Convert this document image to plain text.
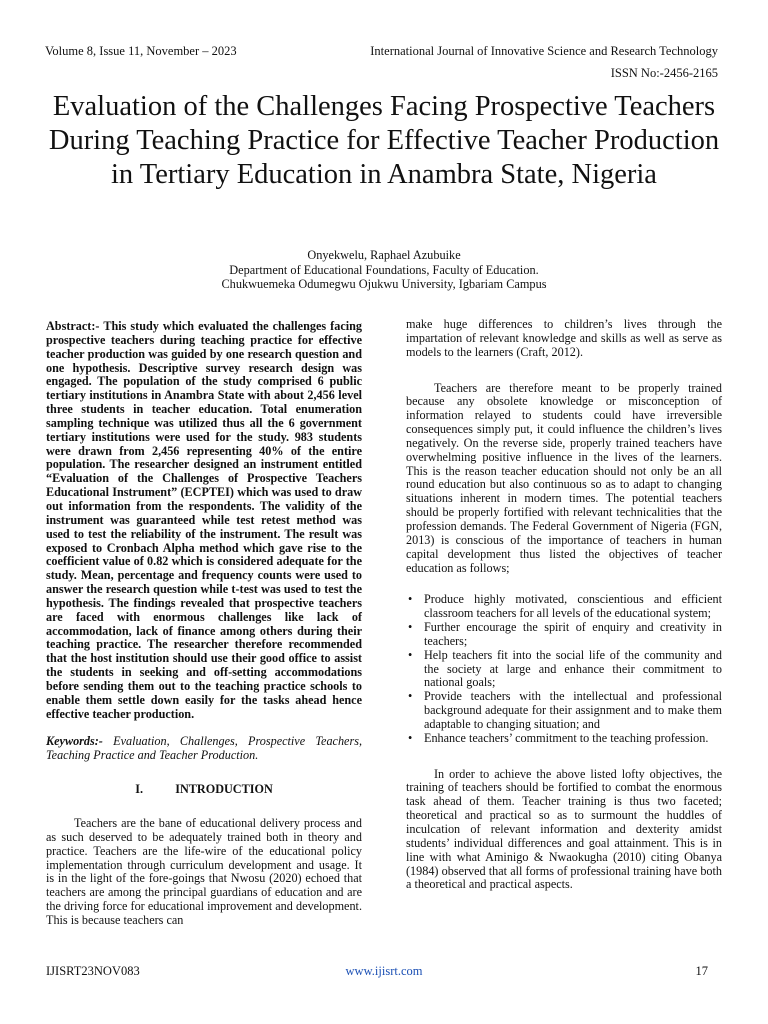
Volume 8, Issue 11, November – 2023	International Journal of Innovative Science and Research Technology
ISSN No:-2456-2165
Evaluation of the Challenges Facing Prospective Teachers During Teaching Practice for Effective Teacher Production in Tertiary Education in Anambra State, Nigeria
Onyekwelu, Raphael Azubuike
Department of Educational Foundations, Faculty of Education.
Chukwuemeka Odumegwu Ojukwu University, Igbariam Campus

Abstract:- This study which evaluated the challenges facing prospective teachers during teaching practice for effective teacher production was guided by one research question and one hypothesis. Descriptive survey research design was engaged. The population of the study comprised 6 public tertiary institutions in Anambra State with about 2,456 level three students in teacher education. Total enumeration sampling technique was utilized thus all the 6 government tertiary institutions were used for the study. 983 students were drawn from 2,456 representing 40% of the entire population. The researcher designed an instrument entitled “Evaluation of the Challenges of Prospective Teachers Educational Instrument” (ECPTEI) which was used to draw out information from the respondents. The validity of the instrument was guaranteed while test retest method was used to test the reliability of the instrument. The result was exposed to Cronbach Alpha method which gave rise to the coefficient value of 0.82 which is considered adequate for the study. Mean, percentage and frequency counts were used to answer the research question while t-test was used to test the hypothesis. The findings revealed that prospective teachers are faced with enormous challenges like lack of accommodation, lack of finance among others during their teaching practice. The researcher therefore recommended that the host institution should use their good office to assist the students in seeking and off-setting accommodations before sending them out to the teaching practice schools to enable them settle down easily for the tasks ahead hence effective teacher production.

Keywords:- Evaluation, Challenges, Prospective Teachers, Teaching Practice and Teacher Production.

I.	INTRODUCTION

Teachers are the bane of educational delivery process and as such deserved to be adequately trained both in theory and practice. Teachers are the life-wire of the educational policy implementation through curriculum development and usage. It is in the light of the fore-goings that Nwosu (2020) echoed that teachers are among the principal guardians of education and are the driving force for educational improvement and development. This is because teachers can

make huge differences to children’s lives through the impartation of relevant knowledge and skills as well as serve as models to the learners (Craft, 2012).

Teachers are therefore meant to be properly trained because any obsolete knowledge or misconception of information relayed to students could have irreversible consequences simply put, it could influence the children’s lives negatively. On the reverse side, properly trained teachers have overwhelming positive influence in the lives of the learners. This is the reason teacher education should not only be an all round education but also continuous so as to adapt to changing situations inherent in modern times. The potential teachers should be properly fortified with relevant technicalities that the profession demands. The Federal Government of Nigeria (FGN, 2013) is conscious of the importance of teachers in human capital development thus listed the objectives of teacher education as follows;

• Produce highly motivated, conscientious and efficient classroom teachers for all levels of the educational system;
• Further encourage the spirit of enquiry and creativity in teachers;
• Help teachers fit into the social life of the community and the society at large and enhance their commitment to national goals;
• Provide teachers with the intellectual and professional background adequate for their assignment and to make them adaptable to changing situation; and
• Enhance teachers’ commitment to the teaching profession.

In order to achieve the above listed lofty objectives, the training of teachers should be fortified to combat the enormous task ahead of them. Teacher training is thus two faceted; theoretical and practical so as to surmount the huddles of inculcation of relevant information and dexterity amidst students’ individual differences and goal attainment. This is in line with what Aminigo & Nwaokugha (2010) citing Obanya (1984) observed that all forms of professional training have both a theoretical and practical aspects.

IJISRT23NOV083	www.ijisrt.com	17
